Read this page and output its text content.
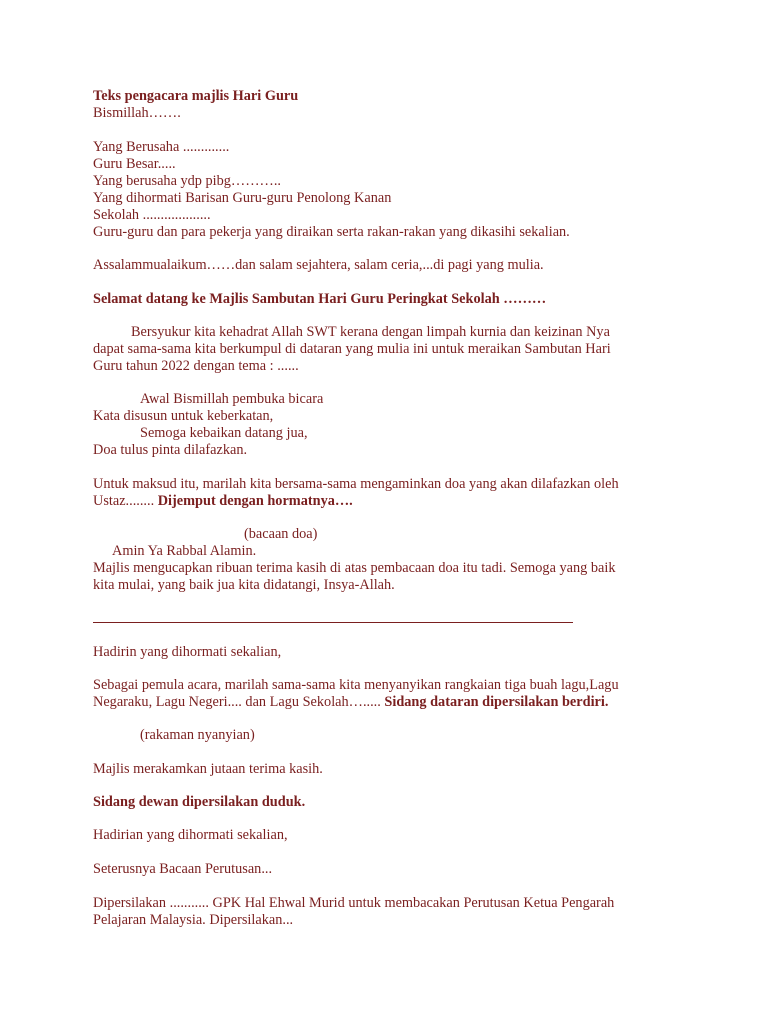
Teks pengacara majlis Hari Guru
Bismillah…….
Yang Berusaha .............
Guru Besar.....
Yang berusaha ydp pibg………..
Yang dihormati Barisan Guru-guru Penolong Kanan
Sekolah ...................
Guru-guru dan para pekerja yang diraikan serta rakan-rakan yang dikasihi sekalian.
Assalammualaikum……dan salam sejahtera, salam ceria,...di pagi yang mulia.
Selamat datang ke Majlis Sambutan Hari Guru Peringkat Sekolah ………
Bersyukur kita kehadrat Allah SWT kerana dengan limpah kurnia dan keizinan Nya
dapat sama-sama kita berkumpul di dataran yang mulia ini untuk meraikan Sambutan Hari
Guru tahun 2022 dengan tema : ......
Awal Bismillah pembuka bicara
Kata disusun untuk keberkatan,
Semoga kebaikan datang jua,
Doa tulus pinta dilafazkan.
Untuk maksud itu, marilah kita bersama-sama mengaminkan doa yang akan dilafazkan oleh
Ustaz........ Dijemput dengan hormatnya….
(bacaan doa)
Amin Ya Rabbal Alamin.
Majlis mengucapkan ribuan terima kasih di atas pembacaan doa itu tadi. Semoga yang baik
kita mulai, yang baik jua kita didatangi, Insya-Allah.
Hadirin yang dihormati sekalian,
Sebagai pemula acara, marilah sama-sama kita menyanyikan rangkaian tiga buah lagu,Lagu
Negaraku, Lagu Negeri.... dan Lagu Sekolah…..... Sidang dataran dipersilakan berdiri.
(rakaman nyanyian)
Majlis merakamkan jutaan terima kasih.
Sidang dewan dipersilakan duduk.
Hadirian yang dihormati sekalian,
Seterusnya Bacaan Perutusan...
Dipersilakan ........... GPK Hal Ehwal Murid untuk membacakan Perutusan Ketua Pengarah
Pelajaran Malaysia. Dipersilakan...
